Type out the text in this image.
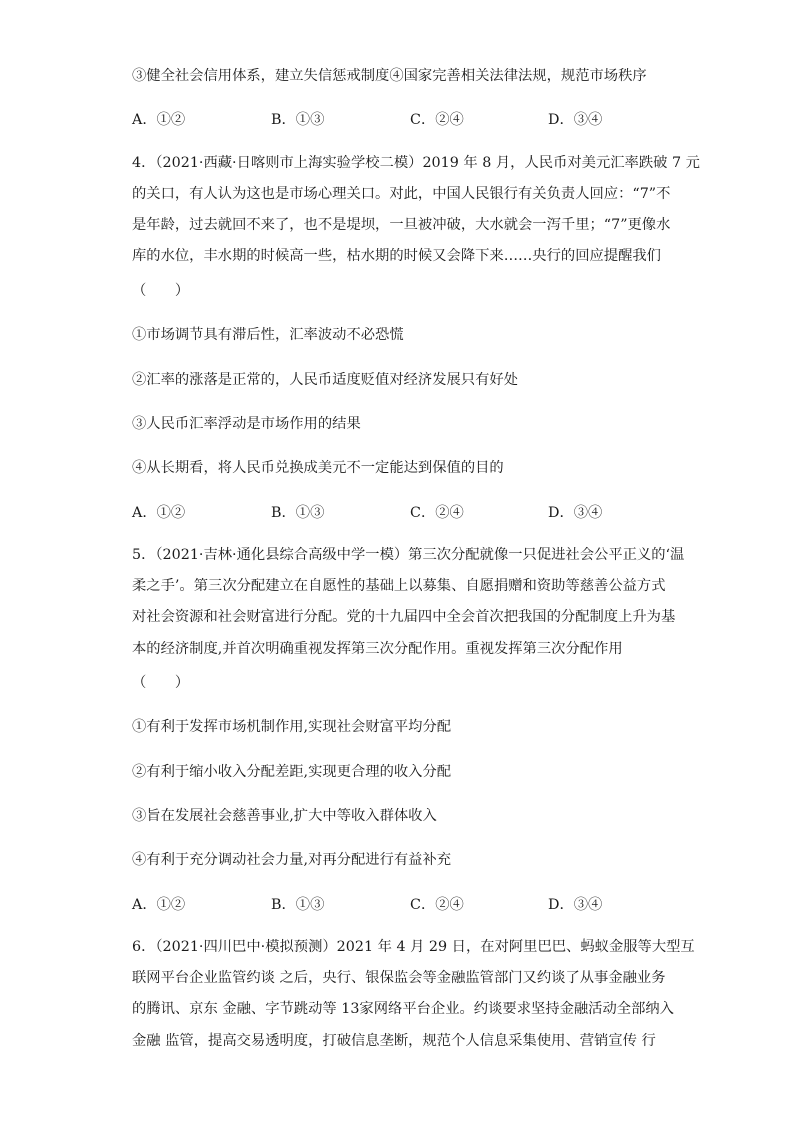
③健全社会信用体系，建立失信惩戒制度④国家完善相关法律法规，规范市场秩序
A．①②	B．①③	C．②④	D．③④
4．（2021·西藏·日喀则市上海实验学校二模）2019 年 8 月，人民币对美元汇率跌破 7 元
的关口，有人认为这也是市场心理关口。对此，中国人民银行有关负责人回应：“7”不
是年龄，过去就回不来了，也不是堤坝，一旦被冲破，大水就会一泻千里；“7”更像水
库的水位，丰水期的时候高一些，枯水期的时候又会降下来……央行的回应提醒我们
（　　）
①市场调节具有滞后性，汇率波动不必恐慌
②汇率的涨落是正常的，人民币适度贬值对经济发展只有好处
③人民币汇率浮动是市场作用的结果
④从长期看，将人民币兑换成美元不一定能达到保值的目的
A．①②	B．①③	C．②④	D．③④
5．（2021·吉林·通化县综合高级中学一模）第三次分配就像一只促进社会公平正义的‘温
柔之手’。第三次分配建立在自愿性的基础上以募集、自愿捐赠和资助等慈善公益方式
对社会资源和社会财富进行分配。党的十九届四中全会首次把我国的分配制度上升为基
本的经济制度,并首次明确重视发挥第三次分配作用。重视发挥第三次分配作用
（　　）
①有利于发挥市场机制作用,实现社会财富平均分配
②有利于缩小收入分配差距,实现更合理的收入分配
③旨在发展社会慈善事业,扩大中等收入群体收入
④有利于充分调动社会力量,对再分配进行有益补充
A．①②	B．①③	C．②④	D．③④
6．（2021·四川巴中·模拟预测）2021 年 4 月 29 日，在对阿里巴巴、蚂蚁金服等大型互
联网平台企业监管约谈 之后，央行、银保监会等金融监管部门又约谈了从事金融业务
的腾讯、京东 金融、字节跳动等 13家网络平台企业。约谈要求坚持金融活动全部纳入
金融 监管，提高交易透明度，打破信息垄断，规范个人信息采集使用、营销宣传 行
